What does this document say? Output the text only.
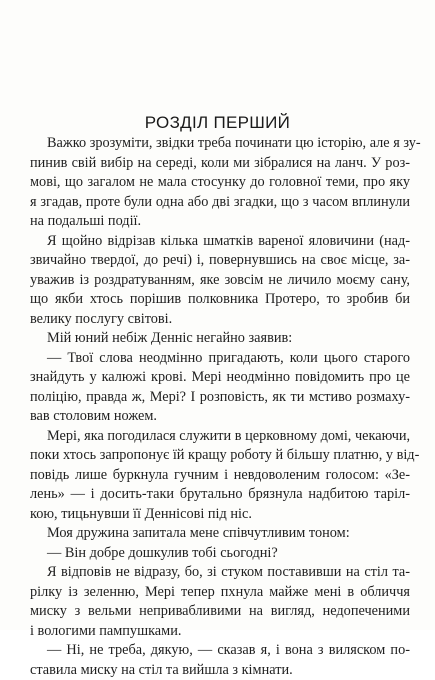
РОЗДІЛ ПЕРШИЙ

Важко зрозуміти, звідки треба починати цю історію, але я зу-
пинив свій вибір на середі, коли ми зібралися на ланч. У роз-
мові, що загалом не мала стосунку до головної теми, про яку
я згадав, проте були одна або дві згадки, що з часом вплинули
на подальші події.

Я щойно відрізав кілька шматків вареної яловичини (над-
звичайно твердої, до речі) і, повернувшись на своє місце, за-
уважив із роздратуванням, яке зовсім не личило моєму сану,
що якби хтось порішив полковника Протеро, то зробив би
велику послугу світові.

Мій юний небіж Денніс негайно заявив:

— Твої слова неодмінно пригадають, коли цього старого
знайдуть у калюжі крові. Мері неодмінно повідомить про це
поліцію, правда ж, Мері? І розповість, як ти мстиво розмаху-
вав столовим ножем.

Мері, яка погодилася служити в церковному домі, чекаючи,
поки хтось запропонує їй кращу роботу й більшу платню, у від-
повідь лише буркнула гучним і невдоволеним голосом: «Зе-
лень» — і досить-таки брутально брязнула надбитою таріл-
кою, тицьнувши її Деннісові під ніс.

Моя дружина запитала мене співчутливим тоном:

— Він добре дошкулив тобі сьогодні?

Я відповів не відразу, бо, зі стуком поставивши на стіл та-
рілку із зеленню, Мері тепер пхнула майже мені в обличчя
миску з вельми непривабливими на вигляд, недопеченими
і вологими пампушками.

— Ні, не треба, дякую, — сказав я, і вона з виляском по-
ставила миску на стіл та вийшла з кімнати.
